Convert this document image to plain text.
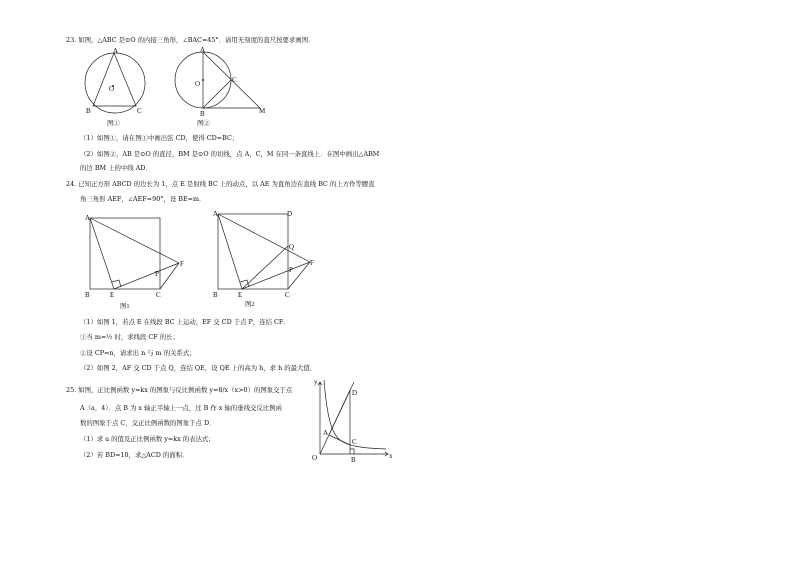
23. 如图，△ABC 是⊙O 的内接三角形，∠BAC=45°．请用无刻度的直尺按要求画图．
A
B	C
O
图①
A
B
C
O
M
图②
（1）如图①，请在图①中画出弦 CD，使得 CD=BC；
（2）如图②，AB 是⊙O 的直径，BM 是⊙O 的切线，点 A，C，M 在同一条直线上．在图中画出△ABM
的边 BM 上的中线 AD．
24. 已知正方形 ABCD 的边长为 1，点 E 是射线 BC 上的动点，以 AE 为直角边在直线 BC 的上方作等腰直
角三角形 AEF，∠AEF=90°，设 BE=m．
A
B	E	C
F
P
图1
A	D
B	E	C
F
Q
P
图2
（1）如图 1，若点 E 在线段 BC 上运动，EF 交 CD 于点 P，连结 CF．
①当 m=½ 时，求线段 CF 的长；
②设 CP=n，请求出 n 与 m 的关系式；
（2）如图 2，AF 交 CD 于点 Q，连结 QE，设 QE 上的高为 h，求 h 的最大值．
25. 如图，正比例函数 y=kx 的图象与反比例函数 y=8/x（x>0）的图象交于点
A（a，4）．点 B 为 x 轴正半轴上一点，过 B 作 x 轴的垂线交反比例函
数的图象于点 C，交正比例函数的图象于点 D．
（1）求 a 的值及正比例函数 y=kx 的表达式；
（2）若 BD=10，求△ACD 的面积．
y
x
O
A
D
C
B
